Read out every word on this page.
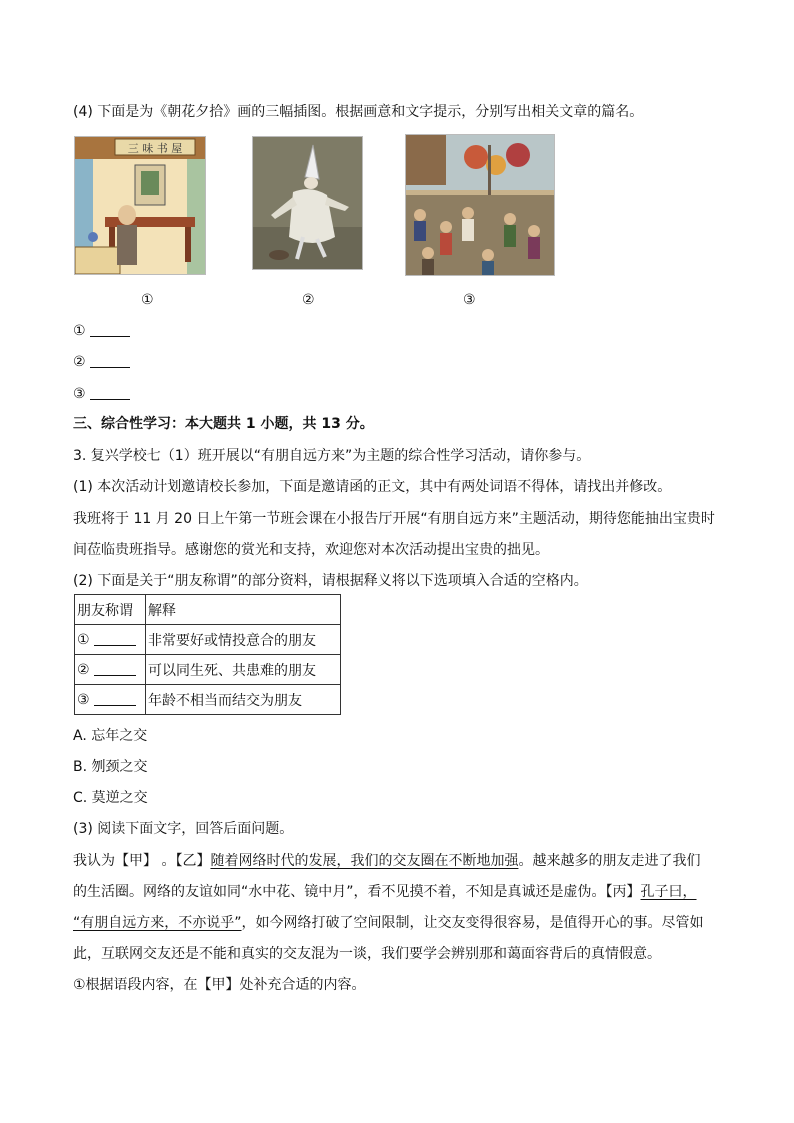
(4) 下面是为《朝花夕拾》画的三幅插图。根据画意和文字提示，分别写出相关文章的篇名。
三 味 书 屋
①	②	③
①
②
③
三、综合性学习：本大题共 1 小题，共 13 分。
3. 复兴学校七（1）班开展以“有朋自远方来”为主题的综合性学习活动，请你参与。
(1) 本次活动计划邀请校长参加，下面是邀请函的正文，其中有两处词语不得体，请找出并修改。
我班将于 11 月 20 日上午第一节班会课在小报告厅开展“有朋自远方来”主题活动，期待您能抽出宝贵时
间莅临贵班指导。感谢您的赏光和支持，欢迎您对本次活动提出宝贵的拙见。
(2) 下面是关于“朋友称谓”的部分资料，请根据释义将以下选项填入合适的空格内。
朋友称谓	解释
①	非常要好或情投意合的朋友
②	可以同生死、共患难的朋友
③	年龄不相当而结交为朋友
A. 忘年之交
B. 刎颈之交
C. 莫逆之交
(3) 阅读下面文字，回答后面问题。
我认为【甲】 。【乙】随着网络时代的发展，我们的交友圈在不断地加强。越来越多的朋友走进了我们
的生活圈。网络的友谊如同“水中花、镜中月”，看不见摸不着，不知是真诚还是虚伪。【丙】孔子曰，
“有朋自远方来，不亦说乎”，如今网络打破了空间限制，让交友变得很容易，是值得开心的事。尽管如
此，互联网交友还是不能和真实的交友混为一谈，我们要学会辨别那和蔼面容背后的真情假意。
①根据语段内容，在【甲】处补充合适的内容。
